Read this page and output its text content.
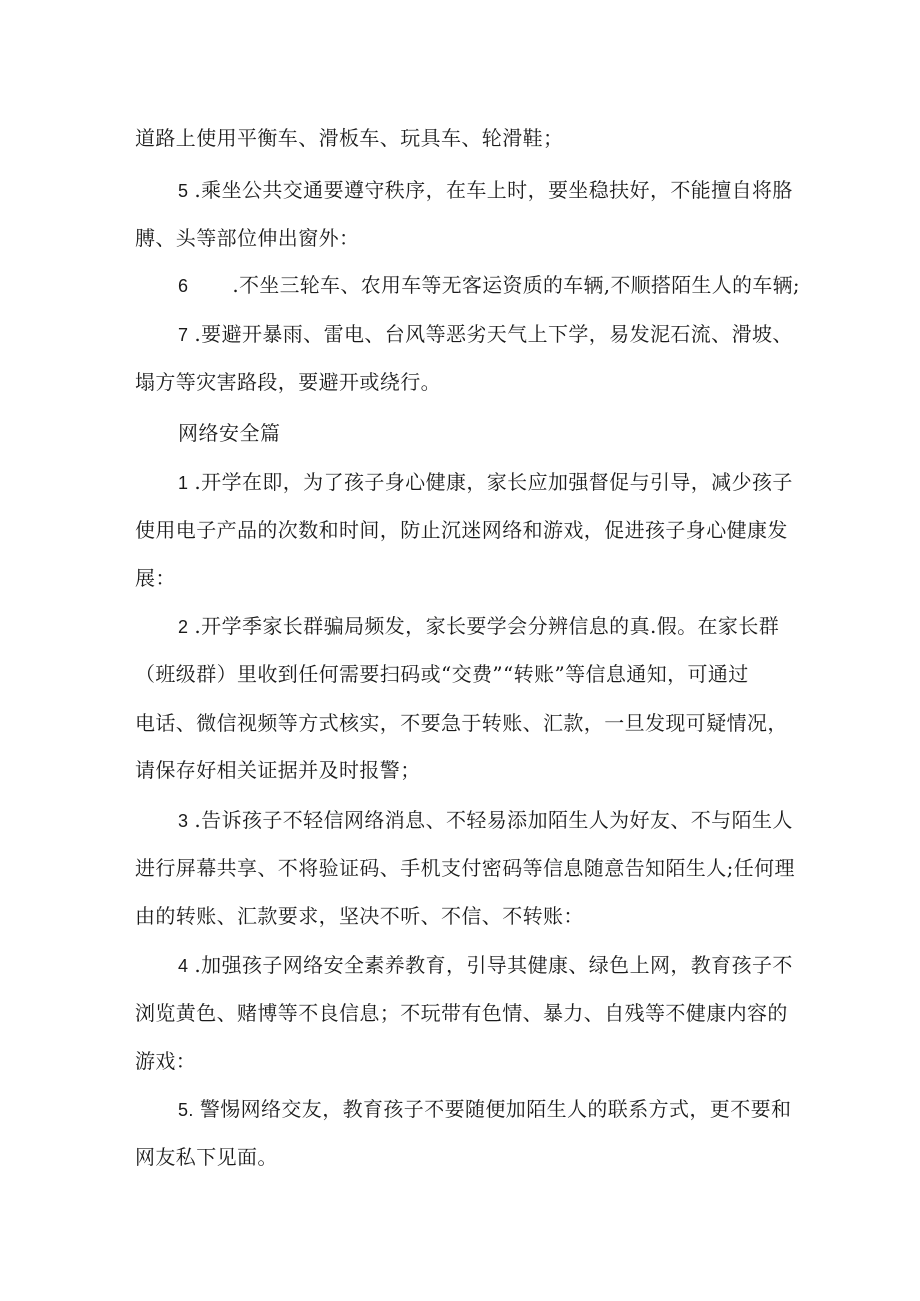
道路上使用平衡车、滑板车、玩具车、轮滑鞋；

5 .乘坐公共交通要遵守秩序，在车上时，要坐稳扶好，不能擅自将胳

膊、头等部位伸出窗外：

6 .不坐三轮车、农用车等无客运资质的车辆,不顺搭陌生人的车辆;

7 .要避开暴雨、雷电、台风等恶劣天气上下学，易发泥石流、滑坡、

塌方等灾害路段，要避开或绕行。

网络安全篇

1 .开学在即，为了孩子身心健康，家长应加强督促与引导，减少孩子

使用电子产品的次数和时间，防止沉迷网络和游戏，促进孩子身心健康发

展：

2 .开学季家长群骗局频发，家长要学会分辨信息的真.假。在家长群

（班级群）里收到任何需要扫码或“交费”“转账”等信息通知，可通过

电话、微信视频等方式核实，不要急于转账、汇款，一旦发现可疑情况，

请保存好相关证据并及时报警；

3 .告诉孩子不轻信网络消息、不轻易添加陌生人为好友、不与陌生人

进行屏幕共享、不将验证码、手机支付密码等信息随意告知陌生人;任何理

由的转账、汇款要求，坚决不听、不信、不转账：

4 .加强孩子网络安全素养教育，引导其健康、绿色上网，教育孩子不

浏览黄色、赌博等不良信息；不玩带有色情、暴力、自残等不健康内容的

游戏：

5. 警惕网络交友，教育孩子不要随便加陌生人的联系方式，更不要和

网友私下见面。
